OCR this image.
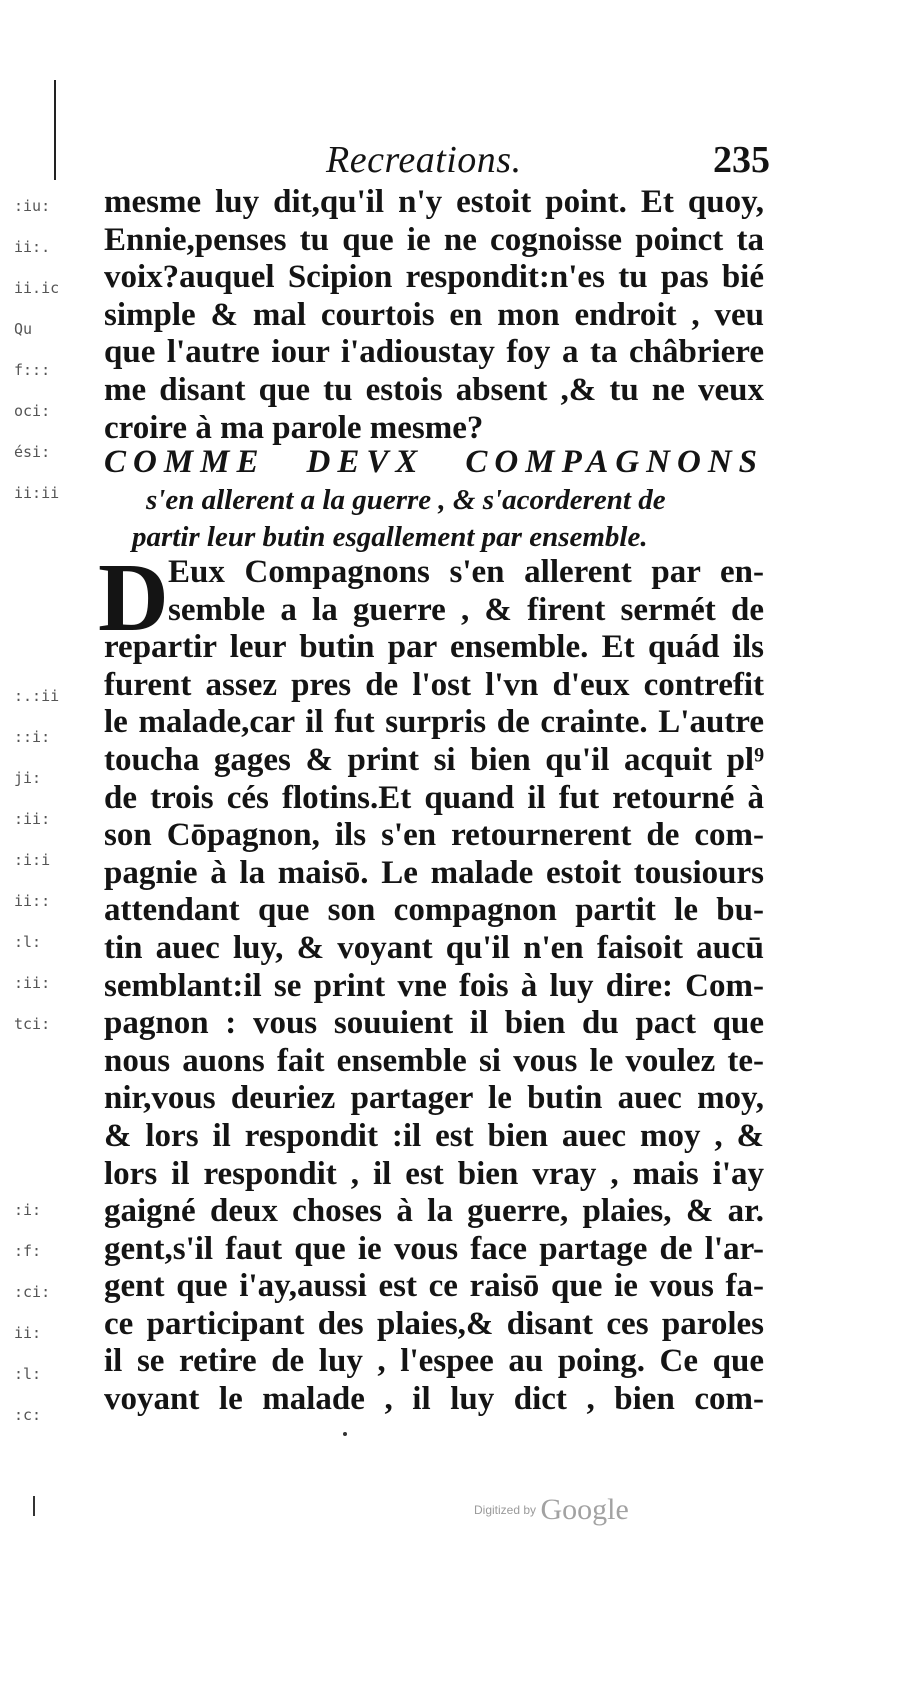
:iu:
ii:.
ii.ic
Qu
f:::
oci:
ési:
ii:ii
:.:ii
::i:
ji:
:ii:
:i:i
ii::
:l:
:ii:
tci:
:i:
:f:
:ci:
ii:
:l:
:c:
Recreations.	235
mesme luy dit,qu'il n'y estoit point. Et quoy,
Ennie,penses tu que ie ne cognoisse poinct ta
voix?auquel Scipion respondit:n'es tu pas bié
simple & mal courtois en mon endroit , veu
que l'autre iour i'adioustay foy a ta châbriere
me disant que tu estois absent ,& tu ne veux
croire à ma parole mesme?
COMME DEVX COMPAGNONS
s'en allerent a la guerre , & s'acorderent de
partir leur butin esgallement par ensemble.
D Eux Compagnons s'en allerent par en-
semble a la guerre , & firent sermét de
repartir leur butin par ensemble. Et quád ils
furent assez pres de l'ost l'vn d'eux contrefit
le malade,car il fut surpris de crainte. L'autre
toucha gages & print si bien qu'il acquit pl⁹
de trois cés flotins.Et quand il fut retourné à
son Cōpagnon, ils s'en retournerent de com-
pagnie à la maisō. Le malade estoit tousiours
attendant que son compagnon partit le bu-
tin auec luy, & voyant qu'il n'en faisoit aucū
semblant:il se print vne fois à luy dire: Com-
pagnon : vous souuient il bien du pact que
nous auons fait ensemble si vous le voulez te-
nir,vous deuriez partager le butin auec moy,
& lors il respondit :il est bien auec moy , &
lors il respondit , il est bien vray , mais i'ay
gaigné deux choses à la guerre, plaies, & ar.
gent,s'il faut que ie vous face partage de l'ar-
gent que i'ay,aussi est ce raisō que ie vous fa-
ce participant des plaies,& disant ces paroles
il se retire de luy , l'espee au poing. Ce que
voyant le malade , il luy dict , bien com-
Digitized by Google
